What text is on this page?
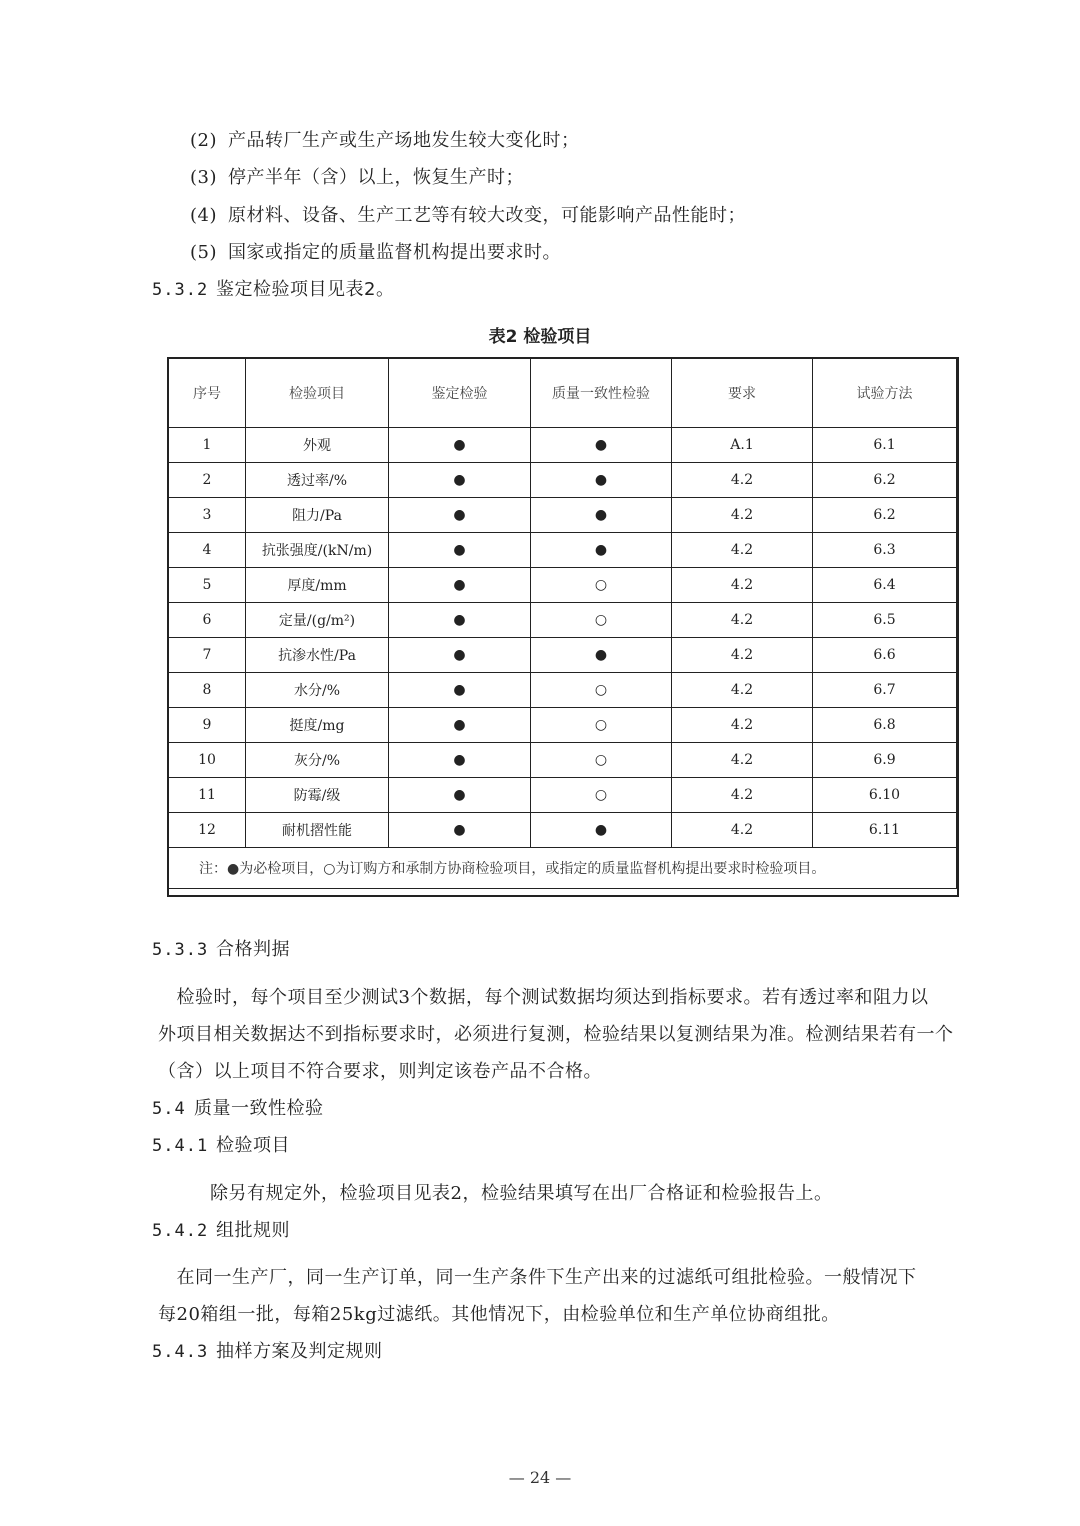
(2) 产品转厂生产或生产场地发生较大变化时；
(3) 停产半年（含）以上，恢复生产时；
(4) 原材料、设备、生产工艺等有较大改变，可能影响产品性能时；
(5) 国家或指定的质量监督机构提出要求时。
5.3.2 鉴定检验项目见表2。
表2 检验项目
序号	检验项目	鉴定检验	质量一致性检验	要求	试验方法
1	外观	●	●	A.1	6.1
2	透过率/%	●	●	4.2	6.2
3	阻力/Pa	●	●	4.2	6.2
4	抗张强度/(kN/m)	●	●	4.2	6.3
5	厚度/mm	●	○	4.2	6.4
6	定量/(g/m²)	●	○	4.2	6.5
7	抗渗水性/Pa	●	●	4.2	6.6
8	水分/%	●	○	4.2	6.7
9	挺度/mg	●	○	4.2	6.8
10	灰分/%	●	○	4.2	6.9
11	防霉/级	●	○	4.2	6.10
12	耐机摺性能	●	●	4.2	6.11
注：●为必检项目，○为订购方和承制方协商检验项目，或指定的质量监督机构提出要求时检验项目。					
5.3.3 合格判据
　检验时，每个项目至少测试3个数据，每个测试数据均须达到指标要求。若有透过率和阻力以
外项目相关数据达不到指标要求时，必须进行复测，检验结果以复测结果为准。检测结果若有一个
（含）以上项目不符合要求，则判定该卷产品不合格。
5.4 质量一致性检验
5.4.1 检验项目
除另有规定外，检验项目见表2，检验结果填写在出厂合格证和检验报告上。
5.4.2 组批规则
　在同一生产厂，同一生产订单，同一生产条件下生产出来的过滤纸可组批检验。一般情况下
每20箱组一批，每箱25kg过滤纸。其他情况下，由检验单位和生产单位协商组批。
5.4.3 抽样方案及判定规则
— 24 —
